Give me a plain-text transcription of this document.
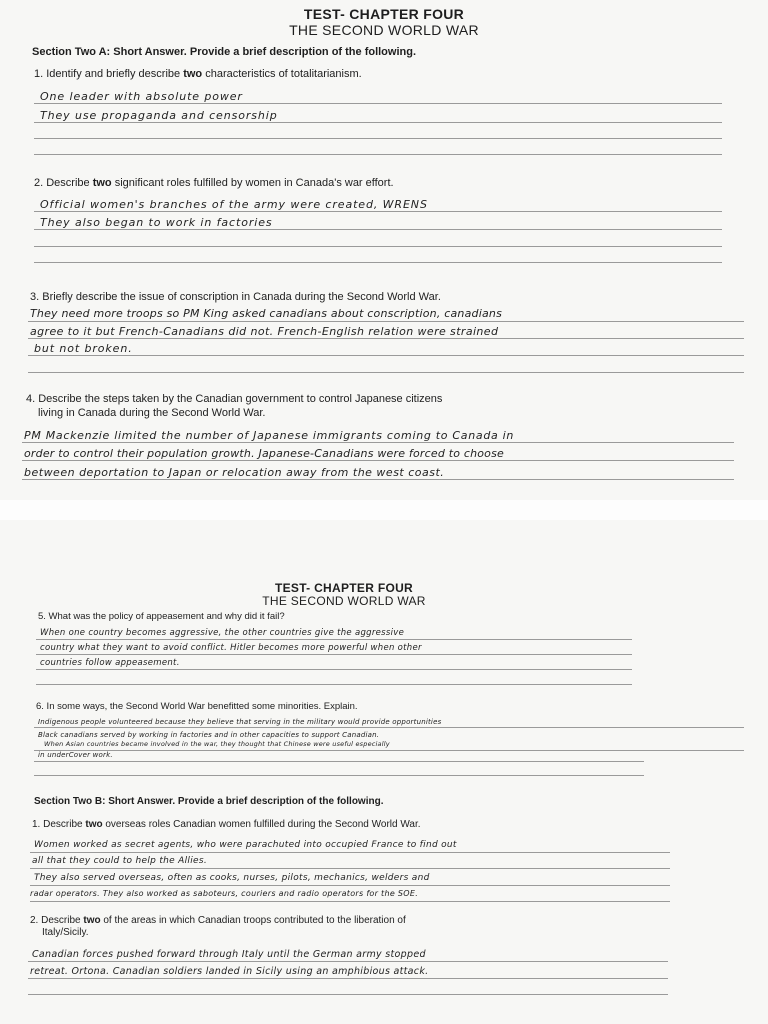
TEST- CHAPTER FOUR
THE SECOND WORLD WAR
Section Two A: Short Answer. Provide a brief description of the following.
1. Identify and briefly describe two characteristics of totalitarianism.
One leader with absolute power
They use propaganda and censorship
2. Describe two significant roles fulfilled by women in Canada's war effort.
Official women's branches of the army were created, WRENS
They also began to work in factories
3. Briefly describe the issue of conscription in Canada during the Second World War.
They need more troops so PM King asked canadians about conscription, canadians
agree to it but French-Canadians did not. French-English relation were strained
but not broken.
4. Describe the steps taken by the Canadian government to control Japanese citizens
living in Canada during the Second World War.
PM Mackenzie limited the number of Japanese immigrants coming to Canada in
order to control their population growth. Japanese-Canadians were forced to choose
between deportation to Japan or relocation away from the west coast.
TEST- CHAPTER FOUR
THE SECOND WORLD WAR
5. What was the policy of appeasement and why did it fail?
When one country becomes aggressive, the other countries give the aggressive
country what they want to avoid conflict. Hitler becomes more powerful when other
countries follow appeasement.
6. In some ways, the Second World War benefitted some minorities. Explain.
Indigenous people volunteered because they believe that serving in the military would provide opportunities
Black canadians served by working in factories and in other capacities to support Canadian.
When Asian countries became involved in the war, they thought that Chinese were useful especially
in underCover work.
Section Two B: Short Answer. Provide a brief description of the following.
1. Describe two overseas roles Canadian women fulfilled during the Second World War.
Women worked as secret agents, who were parachuted into occupied France to find out
all that they could to help the Allies.
They also served overseas, often as cooks, nurses, pilots, mechanics, welders and
radar operators. They also worked as saboteurs, couriers and radio operators for the SOE.
2. Describe two of the areas in which Canadian troops contributed to the liberation of
Italy/Sicily.
Canadian forces pushed forward through Italy until the German army stopped
retreat. Ortona. Canadian soldiers landed in Sicily using an amphibious attack.
